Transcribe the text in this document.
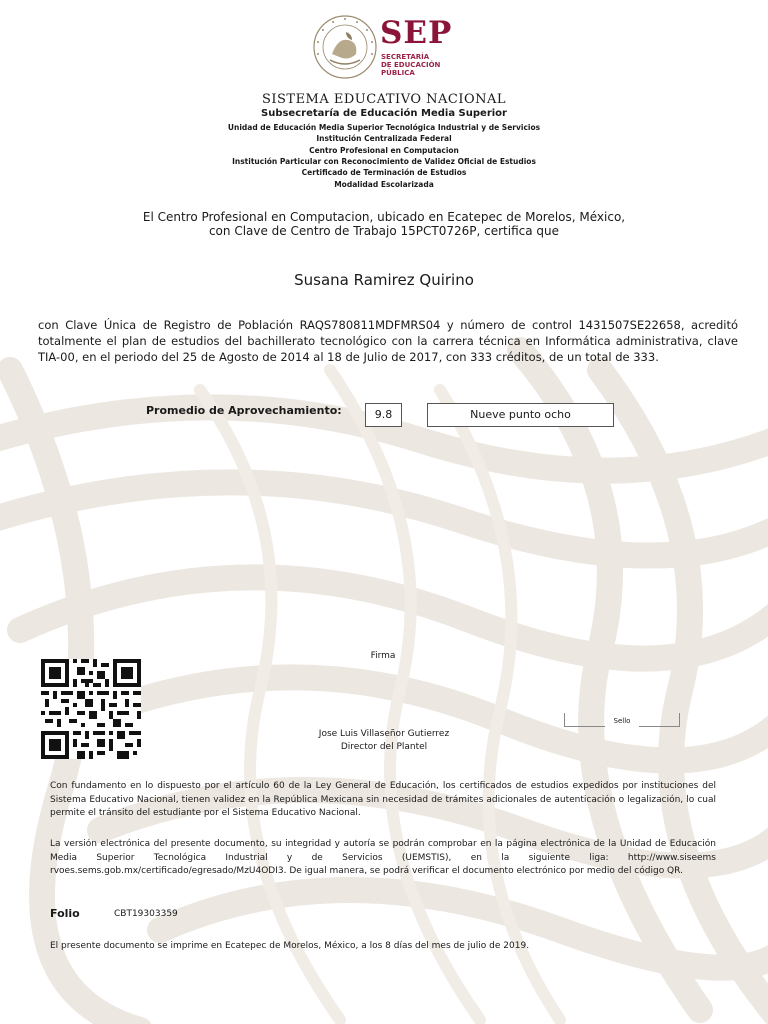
SEP
SECRETARÍA
DE EDUCACIÓN
PÚBLICA
SISTEMA EDUCATIVO NACIONAL
Subsecretaría de Educación Media Superior
Unidad de Educación Media Superior Tecnológica Industrial y de Servicios
Institución Centralizada Federal
Centro Profesional en Computacion
Institución Particular con Reconocimiento de Validez Oficial de Estudios
Certificado de Terminación de Estudios
Modalidad Escolarizada
El Centro Profesional en Computacion, ubicado en Ecatepec de Morelos, México,
con Clave de Centro de Trabajo 15PCT0726P, certifica que
Susana Ramirez Quirino
con Clave Única de Registro de Población RAQS780811MDFMRS04 y número de control 1431507SE22658, acreditó totalmente el plan de estudios del bachillerato tecnológico con la carrera técnica en Informática administrativa, clave TIA-00, en el periodo del 25 de Agosto de 2014 al 18 de Julio de 2017, con 333 créditos, de un total de 333.
Promedio de Aprovechamiento:	9.8	Nueve punto ocho
Firma
Sello
Jose Luis Villaseñor Gutierrez
Director del Plantel
Con fundamento en lo dispuesto por el artículo 60 de la Ley General de Educación, los certificados de estudios expedidos por instituciones del Sistema Educativo Nacional, tienen validez en la República Mexicana sin necesidad de trámites adicionales de autenticación o legalización, lo cual permite el tránsito del estudiante por el Sistema Educativo Nacional.
La versión electrónica del presente documento, su integridad y autoría se podrán comprobar en la página electrónica de la Unidad de Educación Media Superior Tecnológica Industrial y de Servicios (UEMSTIS), en la siguiente liga: http://www.siseems rvoes.sems.gob.mx/certificado/egresado/MzU4ODI3. De igual manera, se podrá verificar el documento electrónico por medio del código QR.
Folio	CBT19303359
El presente documento se imprime en Ecatepec de Morelos, México, a los 8 días del mes de julio de 2019.
